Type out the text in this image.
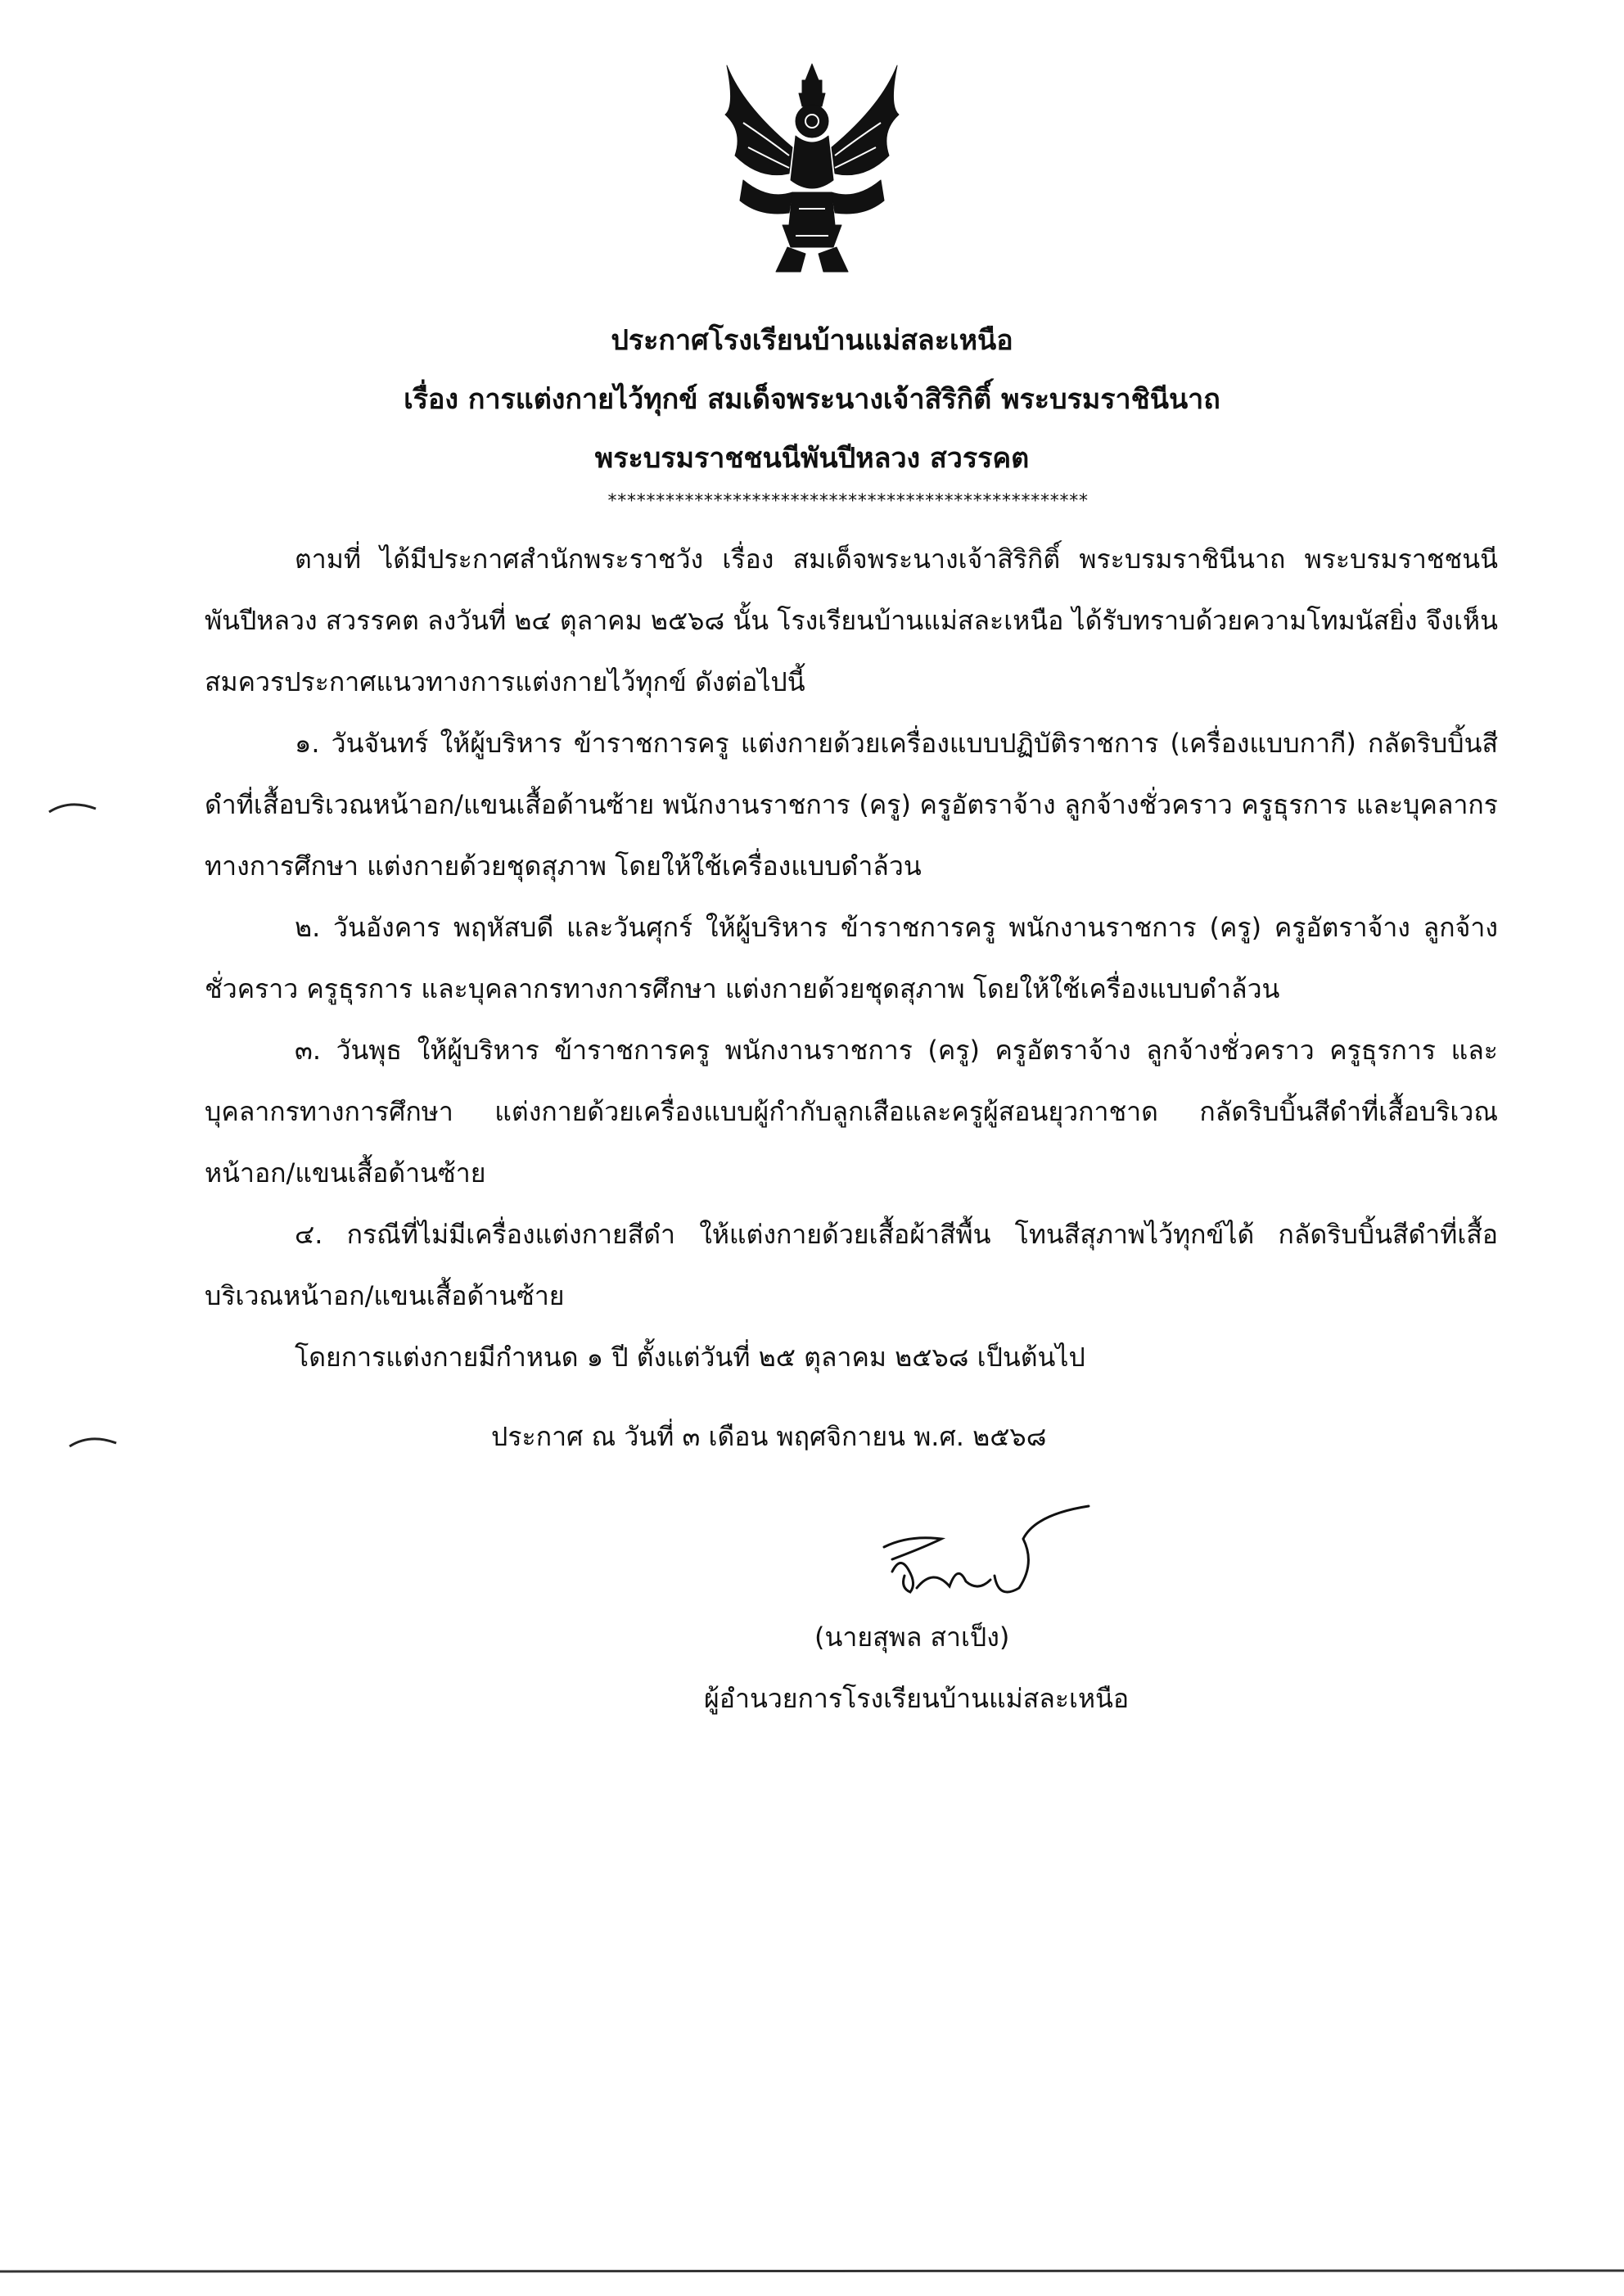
ประกาศโรงเรียนบ้านแม่สละเหนือ
เรื่อง การแต่งกายไว้ทุกข์ สมเด็จพระนางเจ้าสิริกิติ์ พระบรมราชินีนาถ
พระบรมราชชนนีพันปีหลวง สวรรคต
**************************************************

ตามที่ ได้มีประกาศสำนักพระราชวัง เรื่อง สมเด็จพระนางเจ้าสิริกิติ์ พระบรมราชินีนาถ พระบรมราชชนนี พันปีหลวง สวรรคต ลงวันที่ ๒๔ ตุลาคม ๒๕๖๘ นั้น โรงเรียนบ้านแม่สละเหนือ ได้รับทราบด้วยความโทมนัสยิ่ง จึงเห็นสมควรประกาศแนวทางการแต่งกายไว้ทุกข์ ดังต่อไปนี้

๑. วันจันทร์ ให้ผู้บริหาร ข้าราชการครู แต่งกายด้วยเครื่องแบบปฏิบัติราชการ (เครื่องแบบกากี) กลัดริบบิ้นสีดำที่เสื้อบริเวณหน้าอก/แขนเสื้อด้านซ้าย พนักงานราชการ (ครู) ครูอัตราจ้าง ลูกจ้างชั่วคราว ครูธุรการ และบุคลากรทางการศึกษา แต่งกายด้วยชุดสุภาพ โดยให้ใช้เครื่องแบบดำล้วน

๒. วันอังคาร พฤหัสบดี และวันศุกร์ ให้ผู้บริหาร ข้าราชการครู พนักงานราชการ (ครู) ครูอัตราจ้าง ลูกจ้างชั่วคราว ครูธุรการ และบุคลากรทางการศึกษา แต่งกายด้วยชุดสุภาพ โดยให้ใช้เครื่องแบบดำล้วน

๓. วันพุธ ให้ผู้บริหาร ข้าราชการครู พนักงานราชการ (ครู) ครูอัตราจ้าง ลูกจ้างชั่วคราว ครูธุรการ และบุคลากรทางการศึกษา แต่งกายด้วยเครื่องแบบผู้กำกับลูกเสือและครูผู้สอนยุวกาชาด กลัดริบบิ้นสีดำที่เสื้อบริเวณหน้าอก/แขนเสื้อด้านซ้าย

๔. กรณีที่ไม่มีเครื่องแต่งกายสีดำ ให้แต่งกายด้วยเสื้อผ้าสีพื้น โทนสีสุภาพไว้ทุกข์ได้ กลัดริบบิ้นสีดำที่เสื้อบริเวณหน้าอก/แขนเสื้อด้านซ้าย

โดยการแต่งกายมีกำหนด ๑ ปี ตั้งแต่วันที่ ๒๕ ตุลาคม ๒๕๖๘ เป็นต้นไป

ประกาศ ณ วันที่ ๓ เดือน พฤศจิกายน พ.ศ. ๒๕๖๘
(นายสุพล สาเป็ง)
ผู้อำนวยการโรงเรียนบ้านแม่สละเหนือ
